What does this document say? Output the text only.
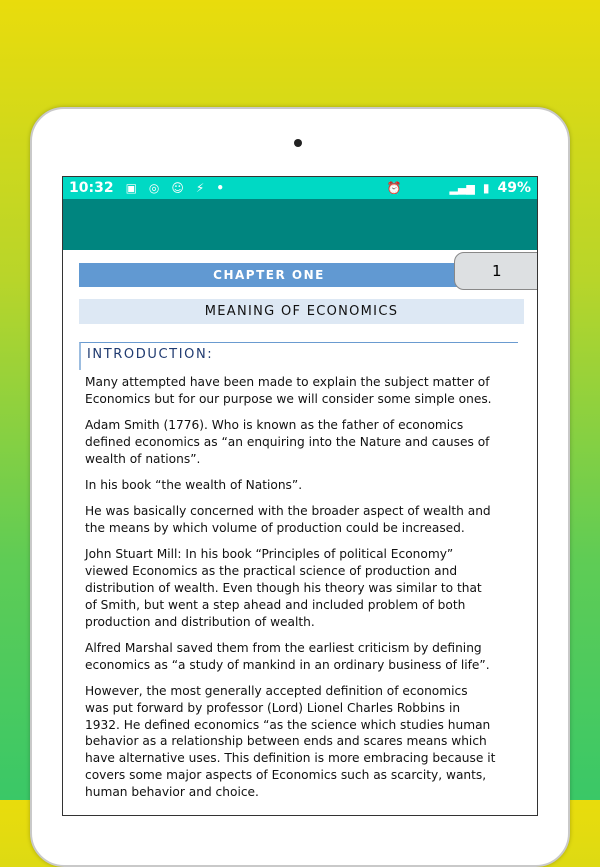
10:32 ▣ ◎ ☺ ⚡ •	⏰	▂▄▆ ▮ 49%
CHAPTER ONE	1
MEANING OF ECONOMICS
INTRODUCTION:

Many attempted have been made to explain the subject matter of
Economics but for our purpose we will consider some simple ones.

Adam Smith (1776). Who is known as the father of economics
defined economics as “an enquiring into the Nature and causes of
wealth of nations”.

In his book “the wealth of Nations”.

He was basically concerned with the broader aspect of wealth and
the means by which volume of production could be increased.

John Stuart Mill: In his book “Principles of political Economy”
viewed Economics as the practical science of production and
distribution of wealth. Even though his theory was similar to that
of Smith, but went a step ahead and included problem of both
production and distribution of wealth.

Alfred Marshal saved them from the earliest criticism by defining
economics as “a study of mankind in an ordinary business of life”.

However, the most generally accepted definition of economics
was put forward by professor (Lord) Lionel Charles Robbins in
1932. He defined economics “as the science which studies human
behavior as a relationship between ends and scares means which
have alternative uses. This definition is more embracing because it
covers some major aspects of Economics such as scarcity, wants,
human behavior and choice.
